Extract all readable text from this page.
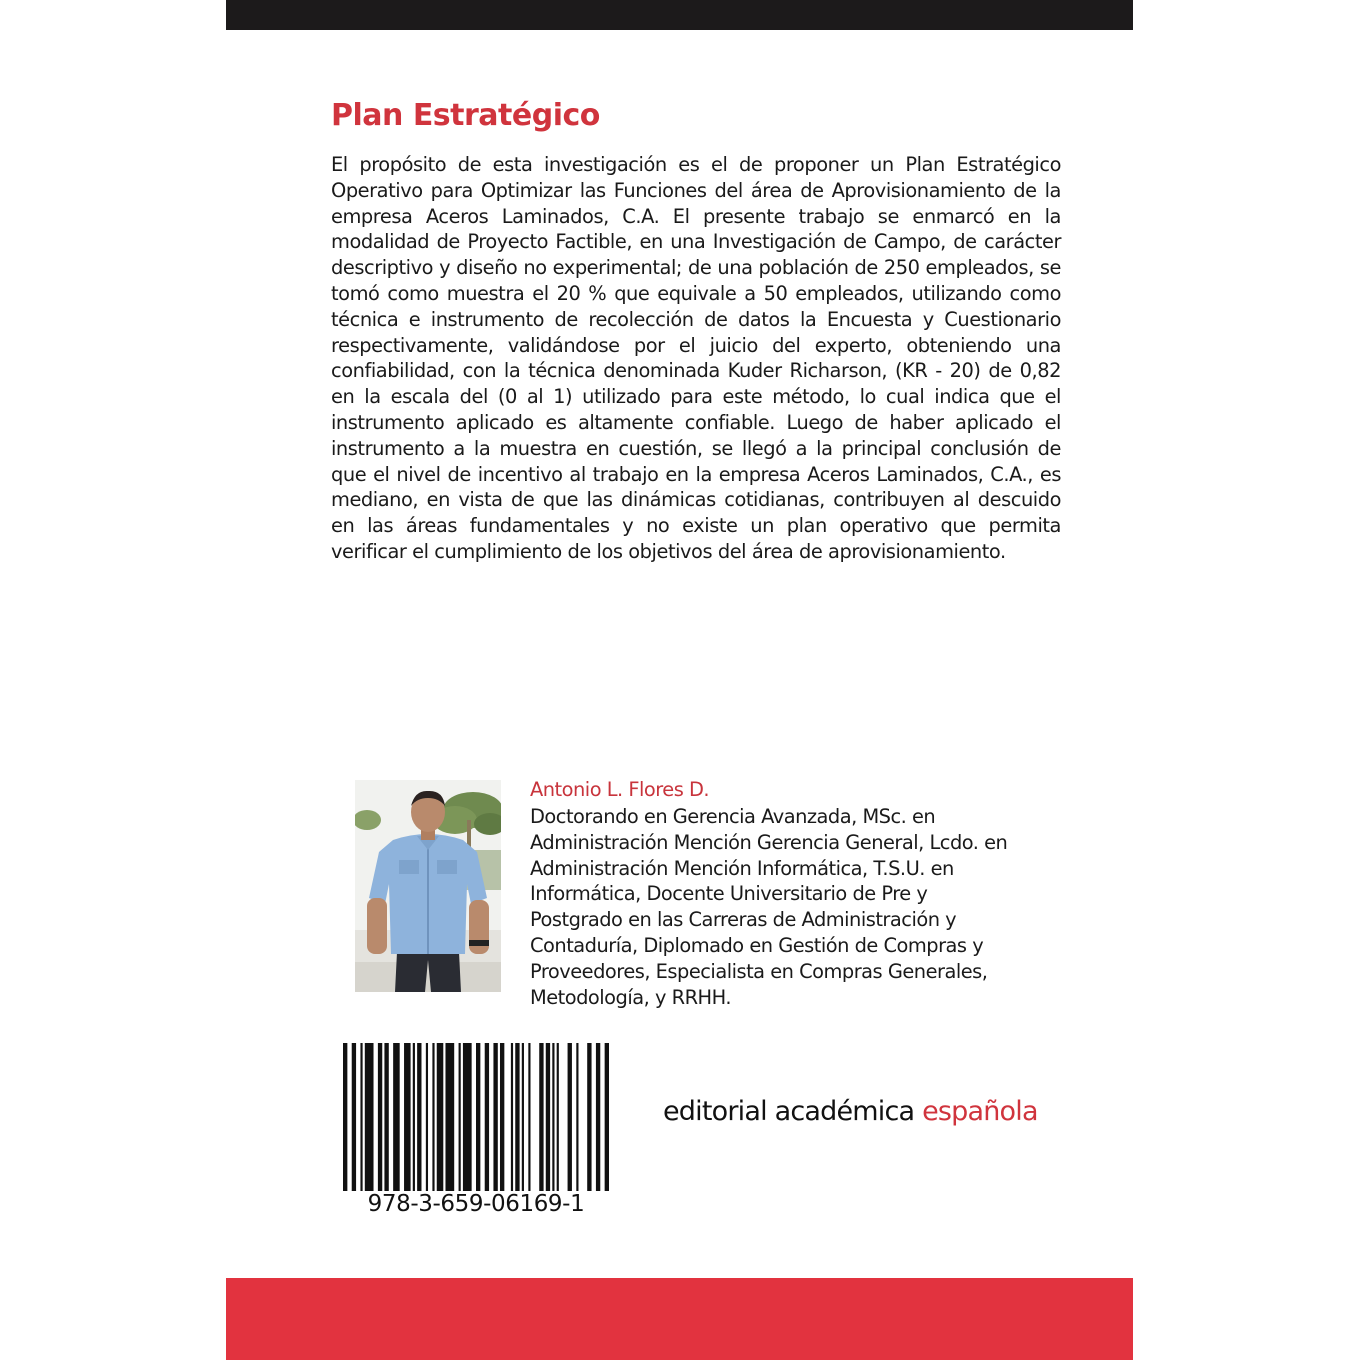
Plan Estratégico

El propósito de esta investigación es el de proponer un Plan Estratégico Operativo para Optimizar las Funciones del área de Aprovisionamiento de la empresa Aceros Laminados, C.A. El presente trabajo se enmarcó en la modalidad de Proyecto Factible, en una Investigación de Campo, de carácter descriptivo y diseño no experimental; de una población de 250 empleados, se tomó como muestra el 20 % que equivale a 50 empleados, utilizando como técnica e instrumento de recolección de datos la Encuesta y Cuestionario respectivamente, validándose por el juicio del experto, obteniendo una confiabilidad, con la técnica denominada Kuder Richarson, (KR - 20) de 0,82 en la escala del (0 al 1) utilizado para este método, lo cual indica que el instrumento aplicado es altamente confiable. Luego de haber aplicado el instrumento a la muestra en cuestión, se llegó a la principal conclusión de que el nivel de incentivo al trabajo en la empresa Aceros Laminados, C.A., es mediano, en vista de que las dinámicas cotidianas, contribuyen al descuido en las áreas fundamentales y no existe un plan operativo que permita verificar el cumplimiento de los objetivos del área de aprovisionamiento.

Antonio L. Flores D.

Doctorando en Gerencia Avanzada, MSc. en
Administración Mención Gerencia General, Lcdo. en
Administración Mención Informática, T.S.U. en
Informática, Docente Universitario de Pre y
Postgrado en las Carreras de Administración y
Contaduría, Diplomado en Gestión de Compras y
Proveedores, Especialista en Compras Generales,
Metodología, y RRHH.

978-3-659-06169-1

editorial académica española
